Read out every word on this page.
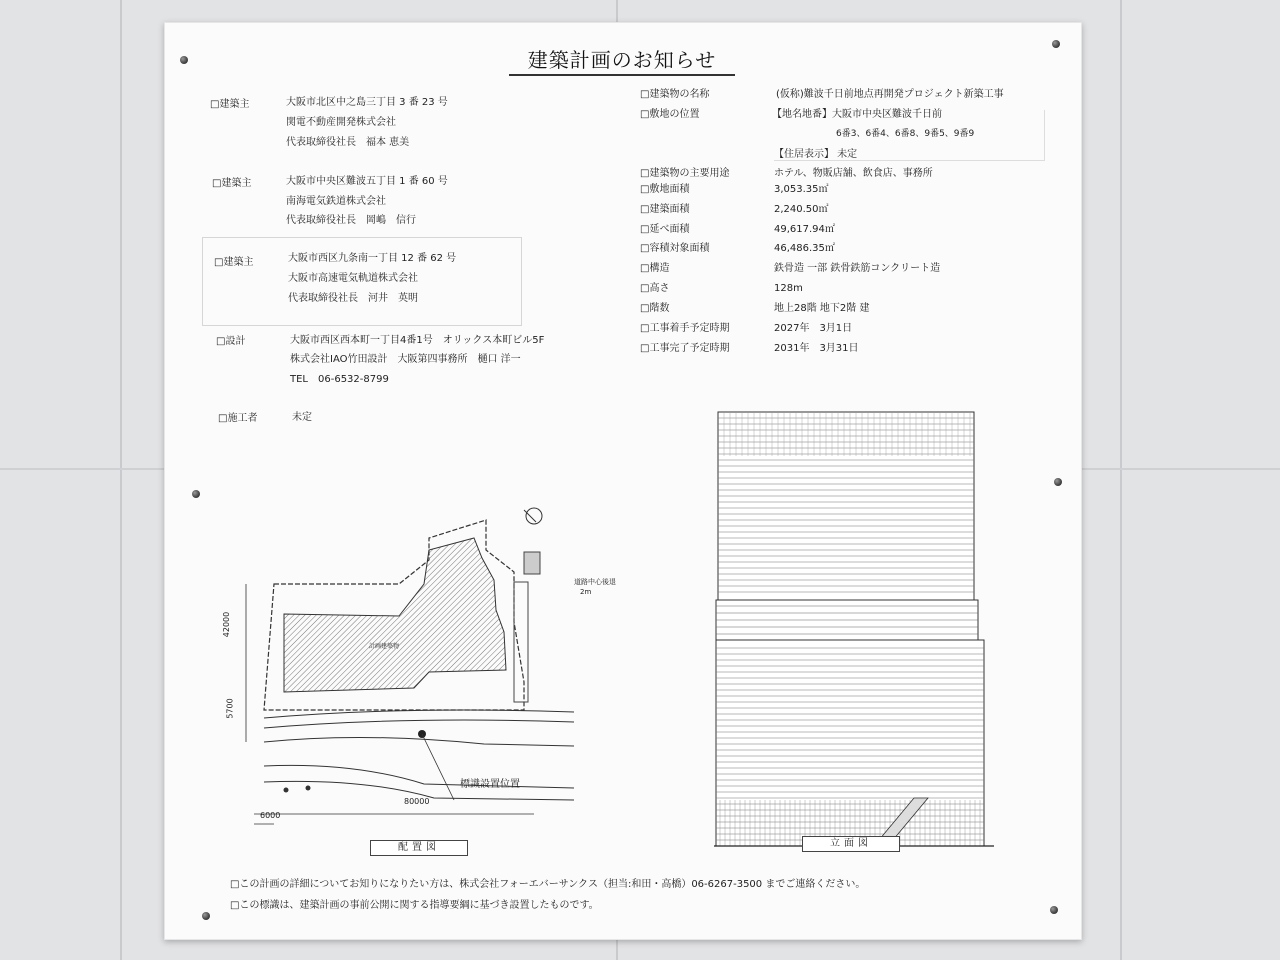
建築計画のお知らせ
□建築主	大阪市北区中之島三丁目 3 番 23 号
関電不動産開発株式会社
代表取締役社長　福本 恵美
□建築主	大阪市中央区難波五丁目 1 番 60 号
南海電気鉄道株式会社
代表取締役社長　岡嶋　信行
□建築主	大阪市西区九条南一丁目 12 番 62 号
大阪市高速電気軌道株式会社
代表取締役社長　河井　英明
□設計	大阪市西区西本町一丁目4番1号　オリックス本町ビル5F
株式会社IAO竹田設計　大阪第四事務所　樋口 洋一
TEL　06-6532-8799
□施工者	未定
□建築物の名称	(仮称)難波千日前地点再開発プロジェクト新築工事
□敷地の位置	【地名地番】大阪市中央区難波千日前
6番3、6番4、6番8、9番5、9番9
【住居表示】 未定
□建築物の主要用途	ホテル、物販店舗、飲食店、事務所
□敷地面積	3,053.35㎡
□建築面積	2,240.50㎡
□延べ面積	49,617.94㎡
□容積対象面積	46,486.35㎡
□構造	鉄骨造 一部 鉄骨鉄筋コンクリート造
□高さ	128m
□階数	地上28階 地下2階 建
□工事着手予定時期	2027年　3月1日
□工事完了予定時期	2031年　3月31日
42000
5700
80000
6000
計画建築物
道路中心後退
2m
標識設置位置
配置図	立面図
□この計画の詳細についてお知りになりたい方は、株式会社フォーエバーサンクス（担当:和田・高橋）06-6267-3500 までご連絡ください。
□この標識は、建築計画の事前公開に関する指導要綱に基づき設置したものです。
